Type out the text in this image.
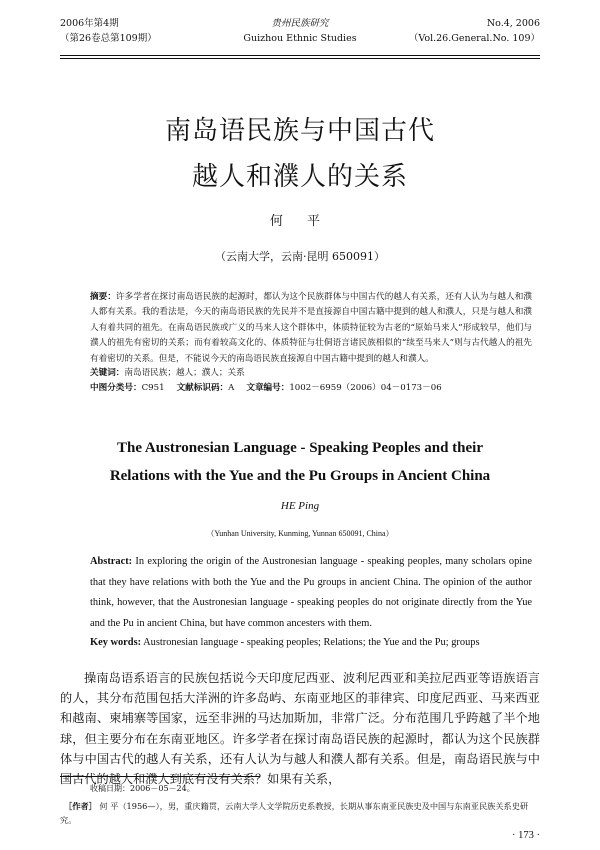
2006年第4期
（第26卷总第109期）
贵州民族研究
Guizhou Ethnic Studies
No.4, 2006
（Vol.26.General.No. 109）
南岛语民族与中国古代
越人和濮人的关系
何 平
（云南大学，云南·昆明 650091）
摘要：许多学者在探讨南岛语民族的起源时，都认为这个民族群体与中国古代的越人有关系，还有人认为与越人和濮人都有关系。我的看法是，今天的南岛语民族的先民并不是直接源自中国古籍中提到的越人和濮人，只是与越人和濮人有着共同的祖先。在南岛语民族或广义的马来人这个群体中，体质特征较为古老的“原始马来人”形成较早，他们与濮人的祖先有密切的关系；而有着较高文化的、体质特征与壮侗语言诸民族相似的“续至马来人”则与古代越人的祖先有着密切的关系。但是，不能说今天的南岛语民族直接源自中国古籍中提到的越人和濮人。
关键词：南岛语民族；越人；濮人；关系
中图分类号：C951 文献标识码：A 文章编号：1002－6959（2006）04－0173－06
The Austronesian Language - Speaking Peoples and their
Relations with the Yue and the Pu Groups in Ancient China
HE Ping
（Yunhan University, Kunming, Yunnan 650091, China）
Abstract: In exploring the origin of the Austronesian language - speaking peoples, many scholars opine that they have relations with both the Yue and the Pu groups in ancient China. The opinion of the author think, however, that the Austronesian language - speaking peoples do not originate directly from the Yue and the Pu in ancient China, but have common ancesters with them.
Key words: Austronesian language - speaking peoples; Relations; the Yue and the Pu; groups
操南岛语系语言的民族包括说今天印度尼西亚、波利尼西亚和美拉尼西亚等语族语言的人，其分布范围包括大洋洲的许多岛屿、东南亚地区的菲律宾、印度尼西亚、马来西亚和越南、柬埔寨等国家，远至非洲的马达加斯加，非常广泛。分布范围几乎跨越了半个地球，但主要分布在东南亚地区。许多学者在探讨南岛语民族的起源时，都认为这个民族群体与中国古代的越人有关系，还有人认为与越人和濮人都有关系。但是，南岛语民族与中国古代的越人和濮人到底有没有关系？如果有关系，
收稿日期：2006－05－24。
［作者］ 何 平（1956—），男，重庆籍贯，云南大学人文学院历史系教授，长期从事东南亚民族史及中国与东南亚民族关系史研究。
· 173 ·
